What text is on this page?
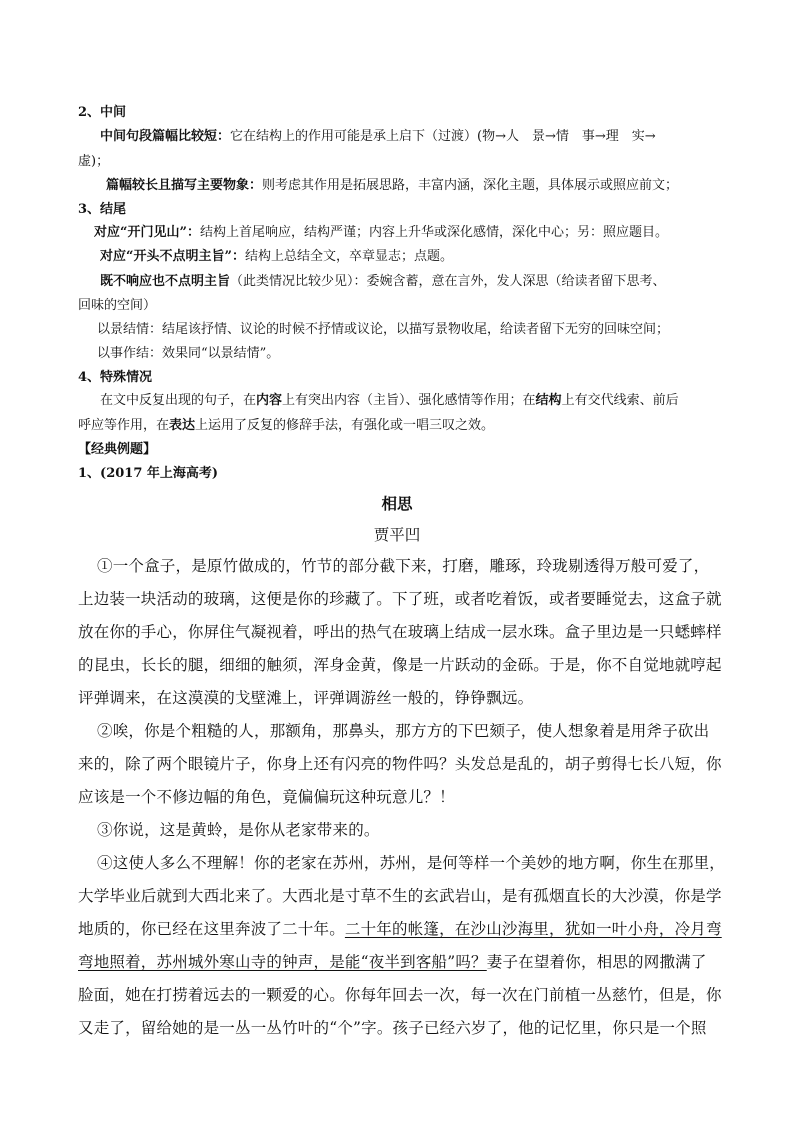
2、中间
中间句段篇幅比较短：它在结构上的作用可能是承上启下（过渡）(物→人　景→情　事→理　实→
虚)；
篇幅较长且描写主要物象：则考虑其作用是拓展思路，丰富内涵，深化主题，具体展示或照应前文；
3、结尾
对应“开门见山”：结构上首尾响应，结构严谨；内容上升华或深化感情，深化中心；另：照应题目。
对应“开头不点明主旨”：结构上总结全文，卒章显志；点题。
既不响应也不点明主旨（此类情况比较少见）：委婉含蓄，意在言外，发人深思（给读者留下思考、
回味的空间）
以景结情：结尾该抒情、议论的时候不抒情或议论，以描写景物收尾，给读者留下无穷的回味空间；
以事作结：效果同“以景结情”。
4、特殊情况
在文中反复出现的句子，在内容上有突出内容（主旨）、强化感情等作用；在结构上有交代线索、前后
呼应等作用，在表达上运用了反复的修辞手法，有强化或一唱三叹之效。
【经典例题】
1、(2017 年上海高考)
相思
贾平凹
①一个盒子，是原竹做成的，竹节的部分截下来，打磨，雕琢，玲珑剔透得万般可爱了，
上边装一块活动的玻璃，这便是你的珍藏了。下了班，或者吃着饭，或者要睡觉去，这盒子就
放在你的手心，你屏住气凝视着，呼出的热气在玻璃上结成一层水珠。盒子里边是一只蟋蟀样
的昆虫，长长的腿，细细的触须，浑身金黄，像是一片跃动的金砾。于是，你不自觉地就哼起
评弹调来，在这漠漠的戈壁滩上，评弹调游丝一般的，铮铮飘远。
②唉，你是个粗糙的人，那额角，那鼻头，那方方的下巴颏子，使人想象着是用斧子砍出
来的，除了两个眼镜片子，你身上还有闪亮的物件吗？头发总是乱的，胡子剪得七长八短，你
应该是一个不修边幅的角色，竟偏偏玩这种玩意儿？！
③你说，这是黄蛉，是你从老家带来的。
④这使人多么不理解！你的老家在苏州，苏州，是何等样一个美妙的地方啊，你生在那里，
大学毕业后就到大西北来了。大西北是寸草不生的玄武岩山，是有孤烟直长的大沙漠，你是学
地质的，你已经在这里奔波了二十年。二十年的帐篷，在沙山沙海里，犹如一叶小舟，冷月弯
弯地照着，苏州城外寒山寺的钟声，是能“夜半到客船”吗？妻子在望着你，相思的网撒满了
脸面，她在打捞着远去的一颗爱的心。你每年回去一次，每一次在门前植一丛慈竹，但是，你
又走了，留给她的是一丛一丛竹叶的“个”字。孩子已经六岁了，他的记忆里，你只是一个照
